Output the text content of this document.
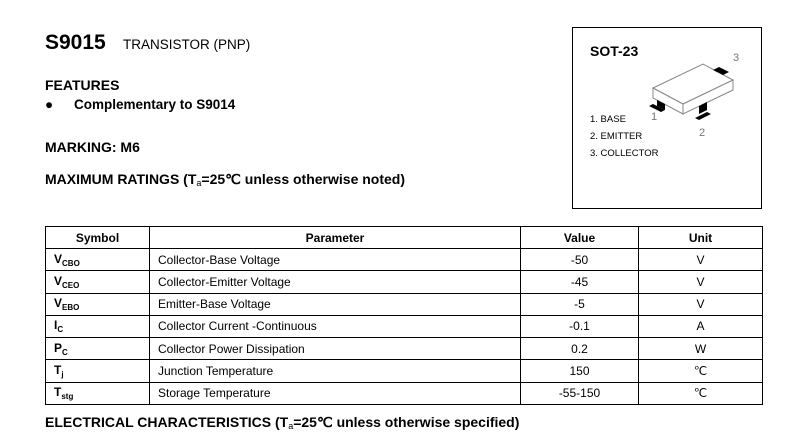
S9015 TRANSISTOR (PNP)
FEATURES
● Complementary to S9014
MARKING: M6
MAXIMUM RATINGS ($T_a=25℃$ unless otherwise noted)
3
1
2
SOT-23
1. BASE
2. EMITTER
3. COLLECTOR
Symbol	Parameter	Value	Unit
$V_{CBO}$	Collector-Base Voltage	-50	V
$V_{CEO}$	Collector-Emitter Voltage	-45	V
$V_{EBO}$	Emitter-Base Voltage	-5	V
$I_C$	Collector Current -Continuous	-0.1	A
$P_C$	Collector Power Dissipation	0.2	W
$T_j$	Junction Temperature	150	℃
$T_{stg}$	Storage Temperature	-55-150	℃
ELECTRICAL CHARACTERISTICS ($T_a=25℃$ unless otherwise specified)
